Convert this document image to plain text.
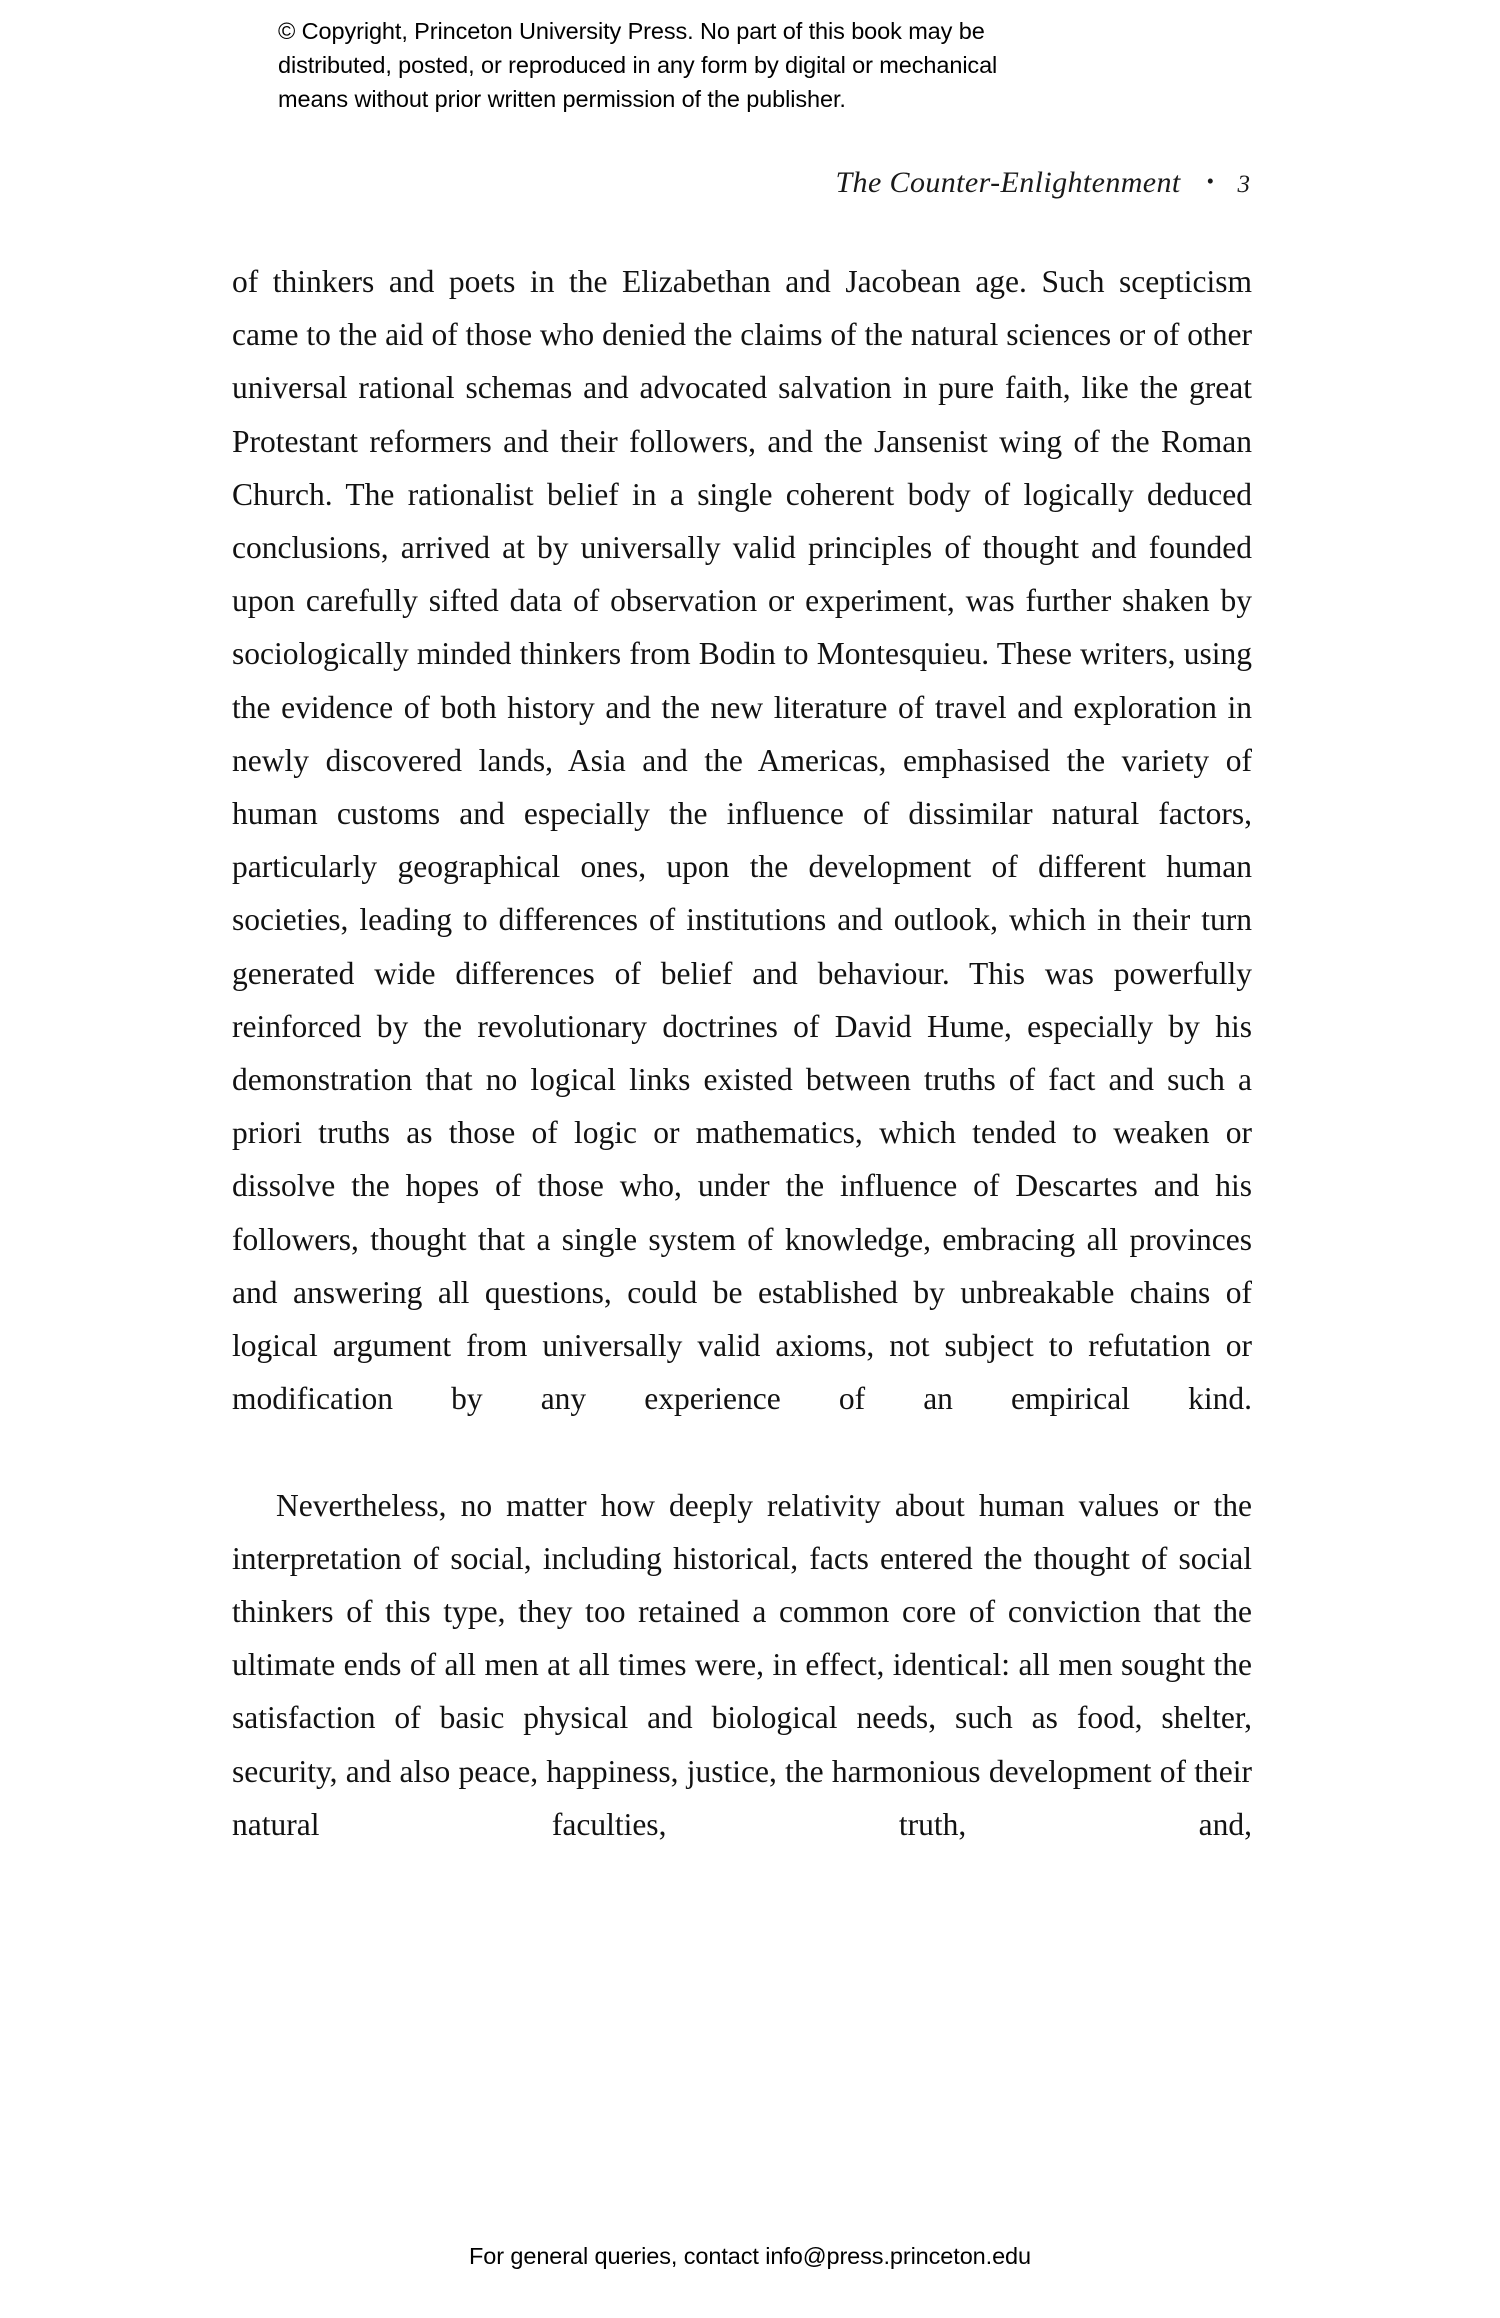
© Copyright, Princeton University Press. No part of this book may be
distributed, posted, or reproduced in any form by digital or mechanical
means without prior written permission of the publisher.
The Counter-Enlightenment	• 3

of thinkers and poets in the Elizabethan and Jacobean age. Such scepticism came to the aid of those who denied the claims of the natural sciences or of other universal rational schemas and advocated salvation in pure faith, like the great Protestant reformers and their followers, and the Jansenist wing of the Roman Church. The rationalist belief in a single coherent body of logically deduced conclusions, arrived at by universally valid principles of thought and founded upon carefully sifted data of observation or experiment, was further shaken by sociologically minded thinkers from Bodin to Montesquieu. These writers, using the evidence of both history and the new literature of travel and exploration in newly discovered lands, Asia and the Americas, emphasised the variety of human customs and especially the influence of dissimilar natural factors, particularly geographical ones, upon the development of different human societies, leading to differences of institutions and outlook, which in their turn generated wide differences of belief and behaviour. This was powerfully reinforced by the revolutionary doctrines of David Hume, especially by his demonstration that no logical links existed between truths of fact and such a priori truths as those of logic or mathematics, which tended to weaken or dissolve the hopes of those who, under the influence of Descartes and his followers, thought that a single system of knowledge, embracing all provinces and answering all questions, could be established by unbreakable chains of logical argument from universally valid axioms, not subject to refutation or modification by any experience of an empirical kind.

Nevertheless, no matter how deeply relativity about human values or the interpretation of social, including historical, facts entered the thought of social thinkers of this type, they too retained a common core of conviction that the ultimate ends of all men at all times were, in effect, identical: all men sought the satisfaction of basic physical and biological needs, such as food, shelter, security, and also peace, happiness, justice, the harmonious development of their natural faculties, truth, and,

For general queries, contact info@press.princeton.edu
